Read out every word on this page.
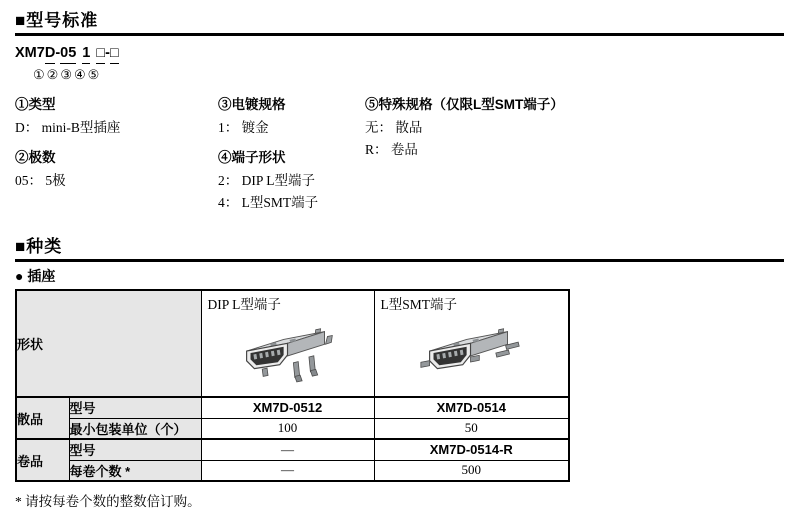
■型号标准
XM7D-05 1 □-□
① ② ③ ④ ⑤
①类型
D： mini-B型插座
②极数
05： 5极
③电镀规格
1： 镀金
④端子形状
2： DIP L型端子
4： L型SMT端子
⑤特殊规格（仅限L型SMT端子）
无： 散品
R： 卷品
■种类
● 插座
形状		DIP L型端子	L型SMT端子

散品	型号	XM7D-0512	XM7D-0514
	最小包装单位（个）	100	50
卷品	型号	—	XM7D-0514-R
	每卷个数 *	—	500
* 请按每卷个数的整数倍订购。
